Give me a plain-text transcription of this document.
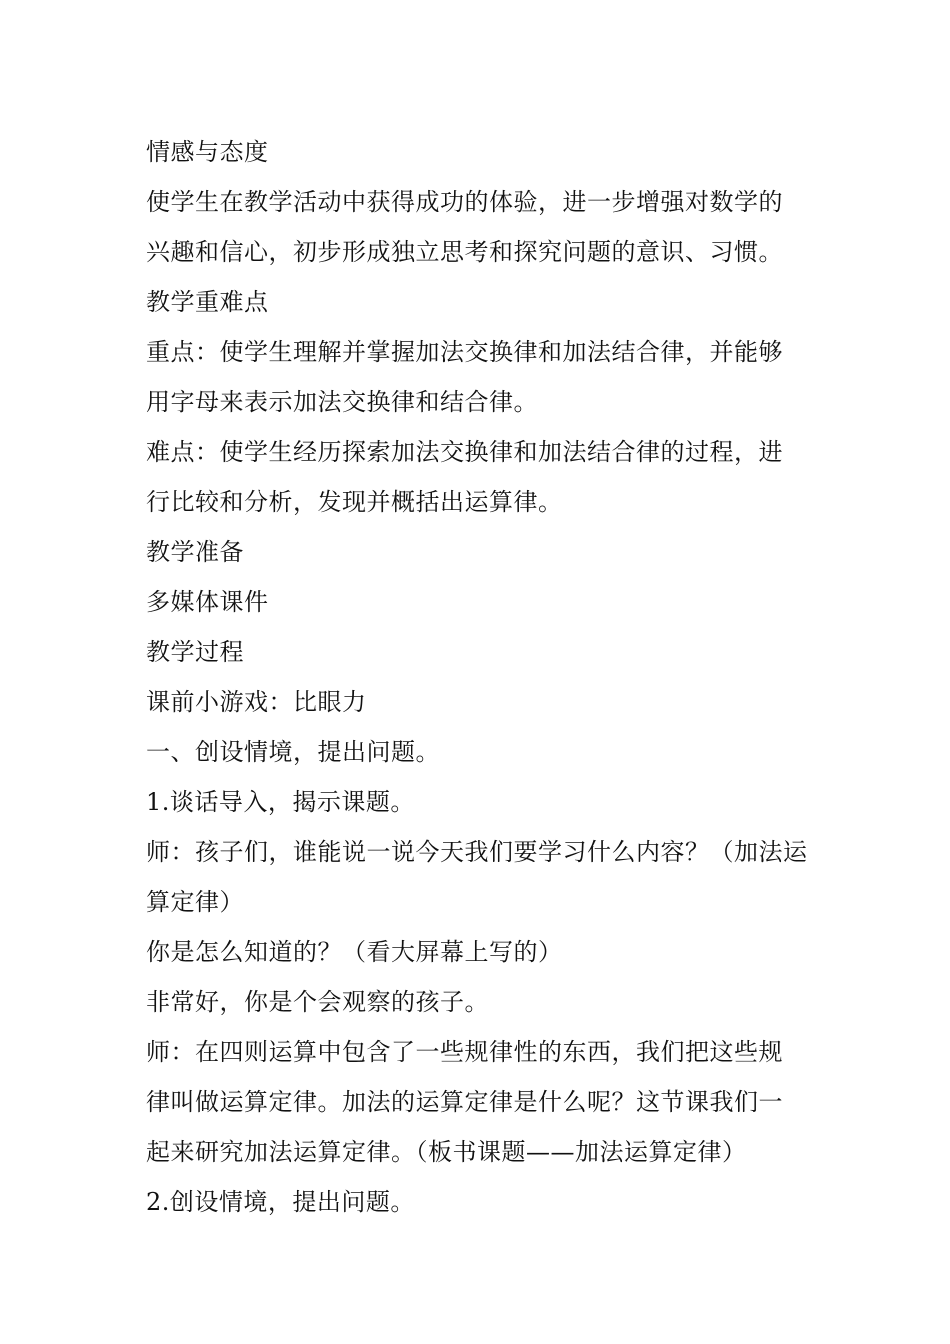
情感与态度
使学生在教学活动中获得成功的体验，进一步增强对数学的
兴趣和信心，初步形成独立思考和探究问题的意识、习惯。
教学重难点
重点：使学生理解并掌握加法交换律和加法结合律，并能够
用字母来表示加法交换律和结合律。
难点：使学生经历探索加法交换律和加法结合律的过程，进
行比较和分析，发现并概括出运算律。
教学准备
多媒体课件
教学过程
课前小游戏：比眼力
一、创设情境，提出问题。
1.谈话导入，揭示课题。
师：孩子们，谁能说一说今天我们要学习什么内容？（加法运
算定律）
你是怎么知道的？（看大屏幕上写的）
非常好，你是个会观察的孩子。
师：在四则运算中包含了一些规律性的东西，我们把这些规
律叫做运算定律。加法的运算定律是什么呢？这节课我们一
起来研究加法运算定律。（板书课题——加法运算定律）
2.创设情境，提出问题。
